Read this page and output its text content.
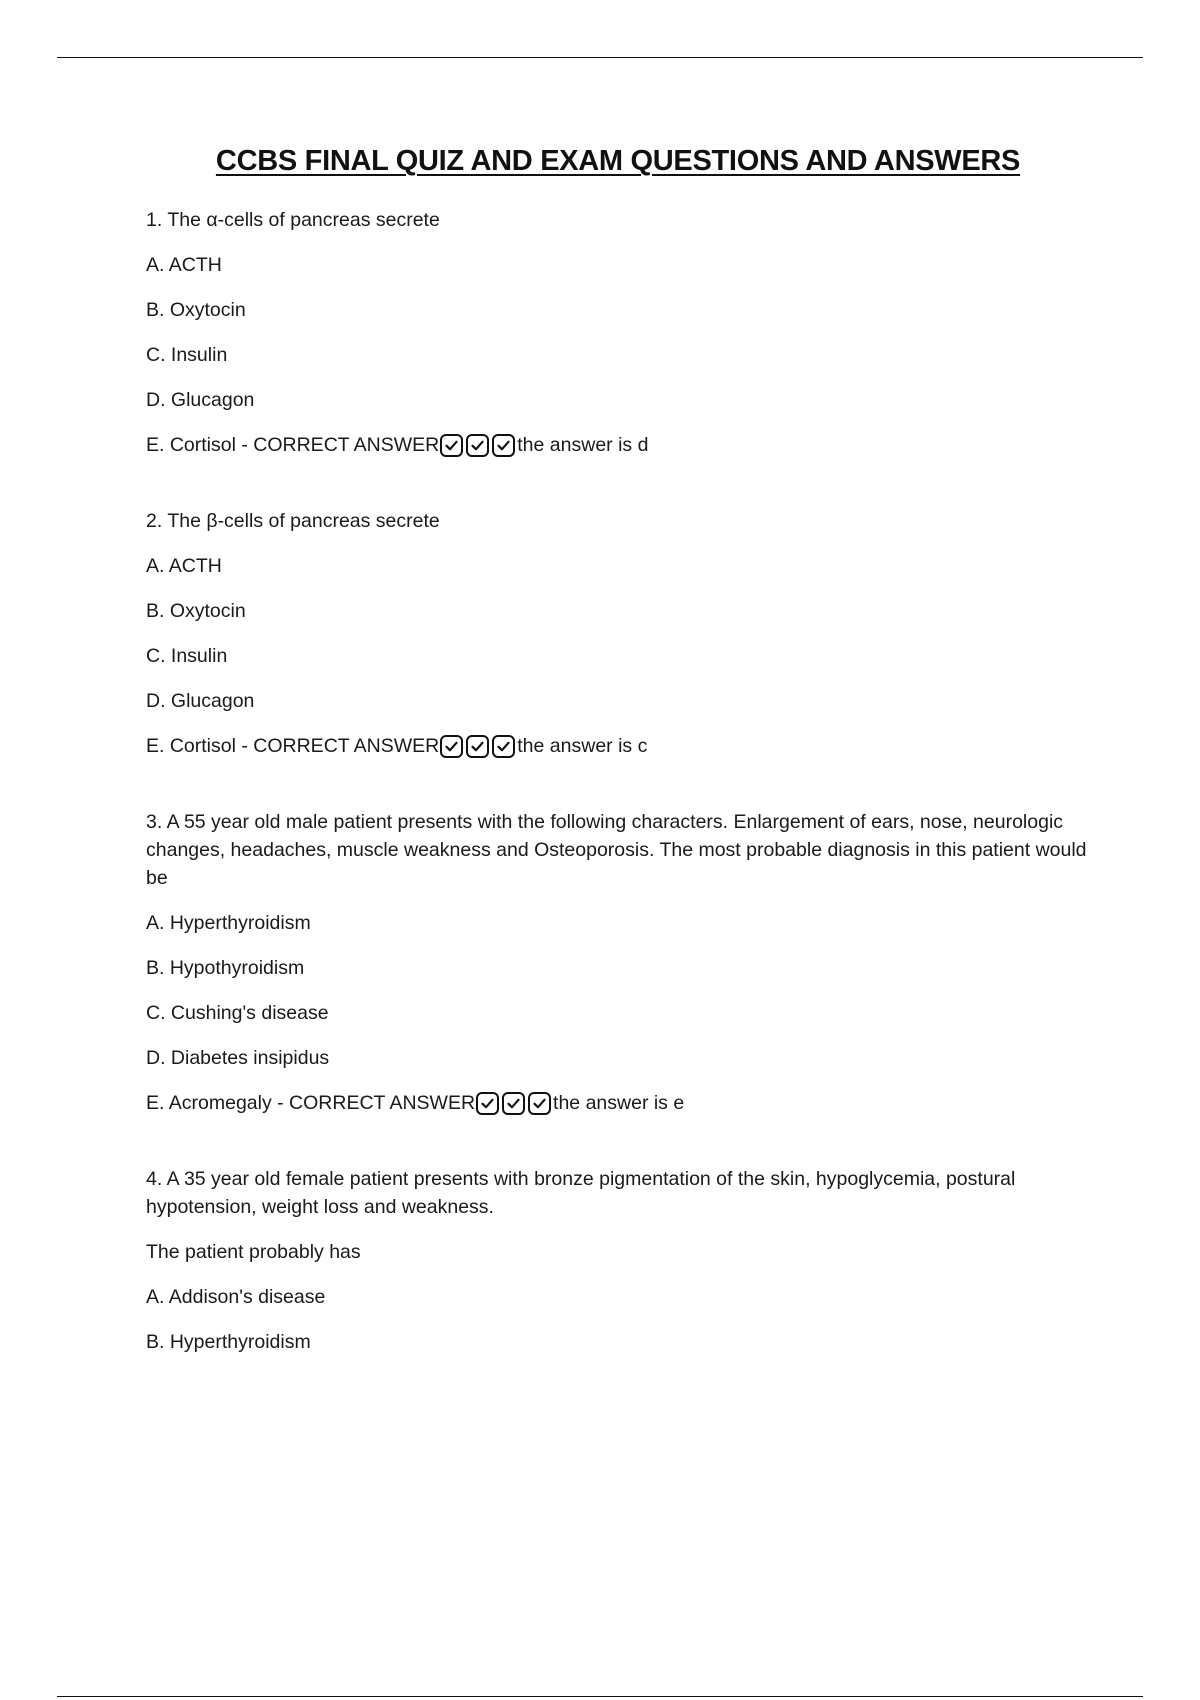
CCBS FINAL QUIZ AND EXAM QUESTIONS AND ANSWERS
1. The α-cells of pancreas secrete
A. ACTH
B. Oxytocin
C. Insulin
D. Glucagon
E. Cortisol - CORRECT ANSWER	the answer is d
2. The β-cells of pancreas secrete
A. ACTH
B. Oxytocin
C. Insulin
D. Glucagon
E. Cortisol - CORRECT ANSWER	the answer is c
3. A 55 year old male patient presents with the following characters. Enlargement of ears, nose, neurologic changes, headaches, muscle weakness and Osteoporosis. The most probable diagnosis in this patient would be
A. Hyperthyroidism
B. Hypothyroidism
C. Cushing's disease
D. Diabetes insipidus
E. Acromegaly - CORRECT ANSWER	the answer is e
4. A 35 year old female patient presents with bronze pigmentation of the skin, hypoglycemia, postural hypotension, weight loss and weakness.
The patient probably has
A. Addison's disease
B. Hyperthyroidism
